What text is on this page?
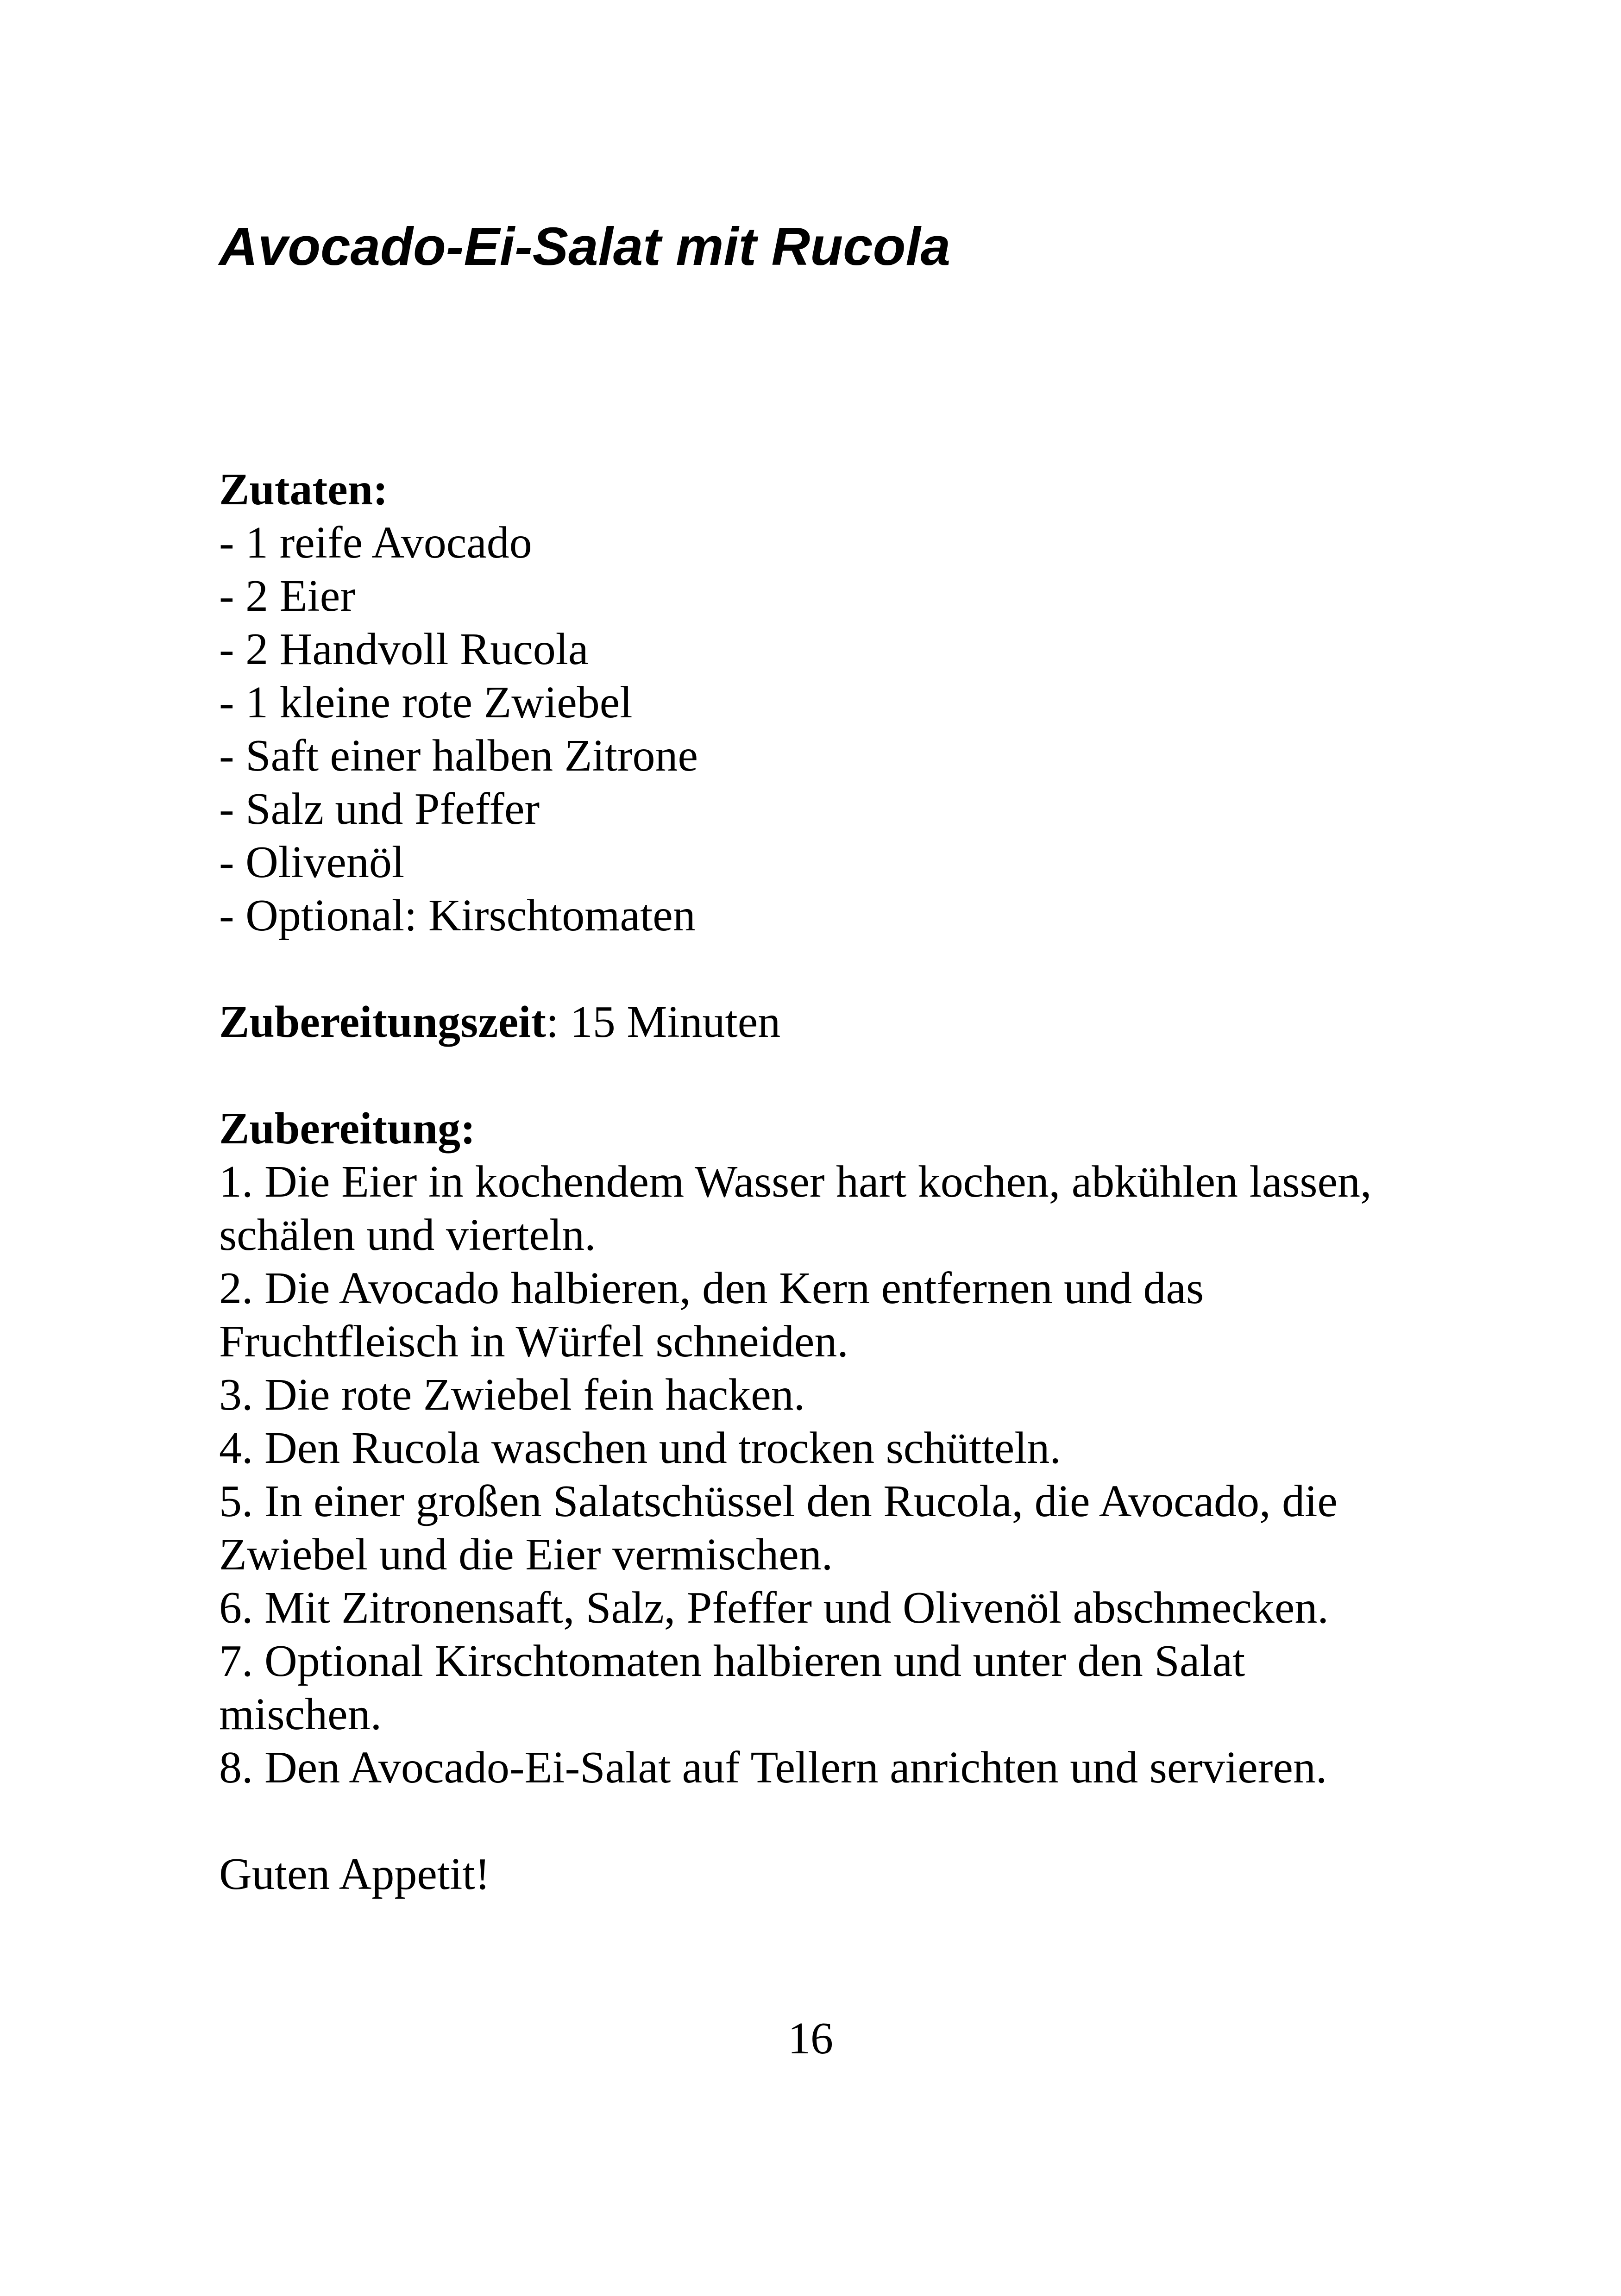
Avocado-Ei-Salat mit Rucola

Zutaten:

- 1 reife Avocado

- 2 Eier

- 2 Handvoll Rucola

- 1 kleine rote Zwiebel

- Saft einer halben Zitrone

- Salz und Pfeffer

- Olivenöl

- Optional: Kirschtomaten

Zubereitungszeit: 15 Minuten

Zubereitung:

1. Die Eier in kochendem Wasser hart kochen, abkühlen lassen,

schälen und vierteln.

2. Die Avocado halbieren, den Kern entfernen und das

Fruchtfleisch in Würfel schneiden.

3. Die rote Zwiebel fein hacken.

4. Den Rucola waschen und trocken schütteln.

5. In einer großen Salatschüssel den Rucola, die Avocado, die

Zwiebel und die Eier vermischen.

6. Mit Zitronensaft, Salz, Pfeffer und Olivenöl abschmecken.

7. Optional Kirschtomaten halbieren und unter den Salat

mischen.

8. Den Avocado-Ei-Salat auf Tellern anrichten und servieren.

Guten Appetit!

16
